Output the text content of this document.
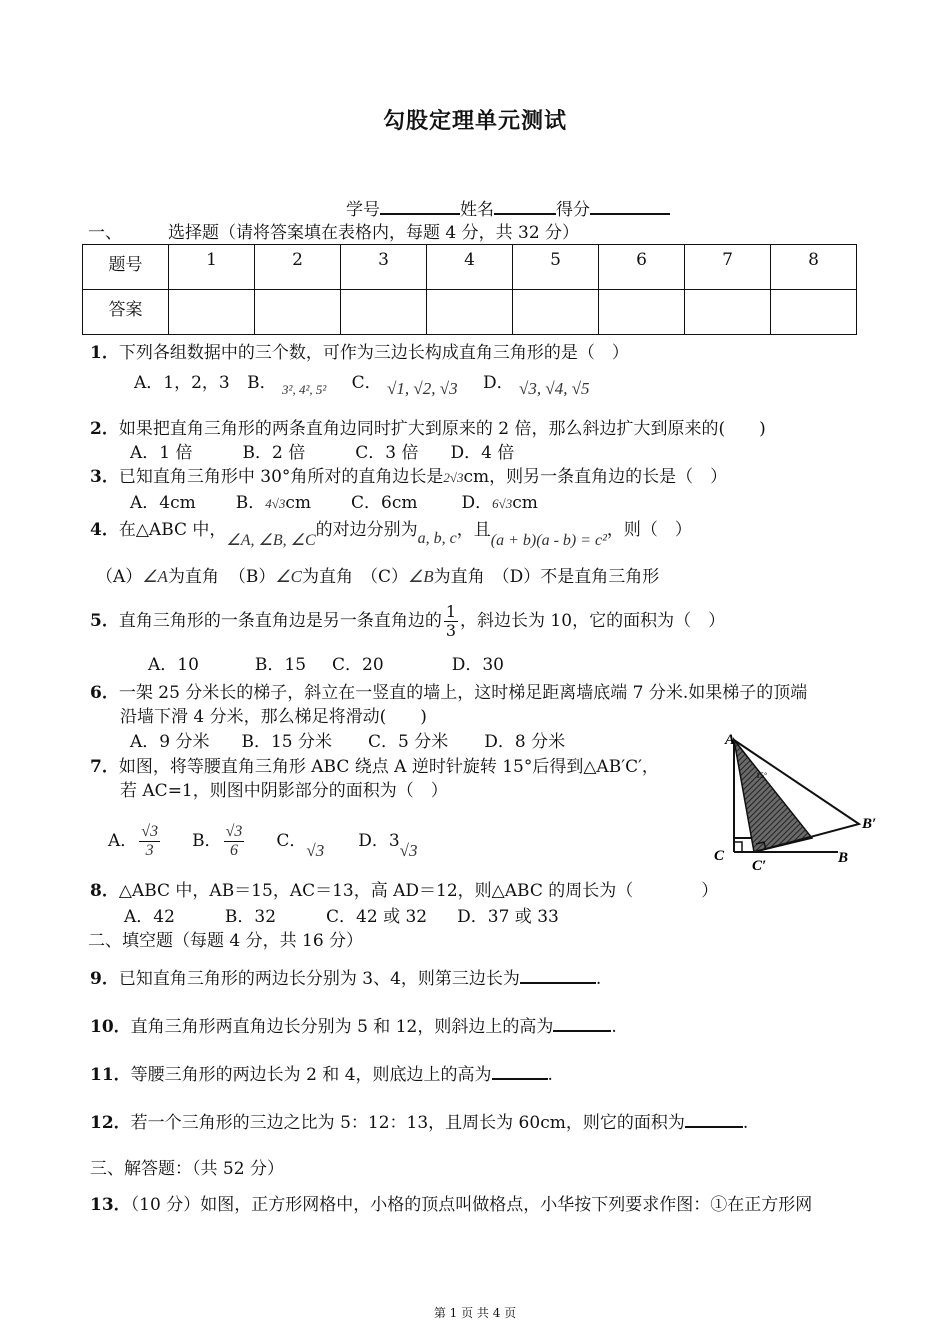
勾股定理单元测试
学号	姓名	得分
一、	选择题（请将答案填在表格内，每题 4 分，共 32 分）
题号	1	2	3	4	5	6	7	8
答案								
1．下列各组数据中的三个数，可作为三边长构成直角三角形的是（　）
A．1，2，3 B． $_{3^2, 4^2, 5^2}$ C． √1, √2, √3 D． √3, √4, √5
2．如果把直角三角形的两条直角边同时扩大到原来的 2 倍，那么斜边扩大到原来的(　　)
A．1 倍	B．2 倍	C．3 倍 D．4 倍
3．已知直角三角形中 30°角所对的直角边长是2√3cm，则另一条直角边的长是（　）
A．4cm B．4√3cm C．6cm	D．6√3cm
4．在△ABC 中，∠A, ∠B, ∠C的对边分别为a, b, c，且(a + b)(a - b) = c²，则（　）
（A）∠A为直角 （B）∠C为直角 （C）∠B为直角 （D）不是直角三角形
5．直角三角形的一条直角边是另一条直角边的 $\frac{1}{3}$ ，斜边长为 10，它的面积为（　）
A．10	B．15 C．20	D．30
6．一架 25 分米长的梯子，斜立在一竖直的墙上，这时梯足距离墙底端 7 分米.如果梯子的顶端
沿墙下滑 4 分米，那么梯足将滑动(　　)
A．9 分米 B．15 分米 C．5 分米 D．8 分米
7．如图，将等腰直角三角形 ABC 绕点 A 逆时针旋转 15°后得到△AB′C′，
若 AC=1，则图中阴影部分的面积为（　）
A． $\frac{√3}{3}$ B． $\frac{√3}{6}$ C．√3 D．3√3
A
C
C′	B
B′
15°
8．△ABC 中，AB＝15，AC＝13，高 AD＝12，则△ABC 的周长为（　　　　）
A．42	B．32	C．42 或 32 D．37 或 33
二、填空题（每题 4 分，共 16 分）
9．已知直角三角形的两边长分别为 3、4，则第三边长为	.
10．直角三角形两直角边长分别为 5 和 12，则斜边上的高为	.
11．等腰三角形的两边长为 2 和 4，则底边上的高为	.
12．若一个三角形的三边之比为 5：12：13，且周长为 60cm，则它的面积为	.
三、解答题：（共 52 分）
13．（10 分）如图，正方形网格中，小格的顶点叫做格点，小华按下列要求作图：①在正方形网
第 1 页 共 4 页
